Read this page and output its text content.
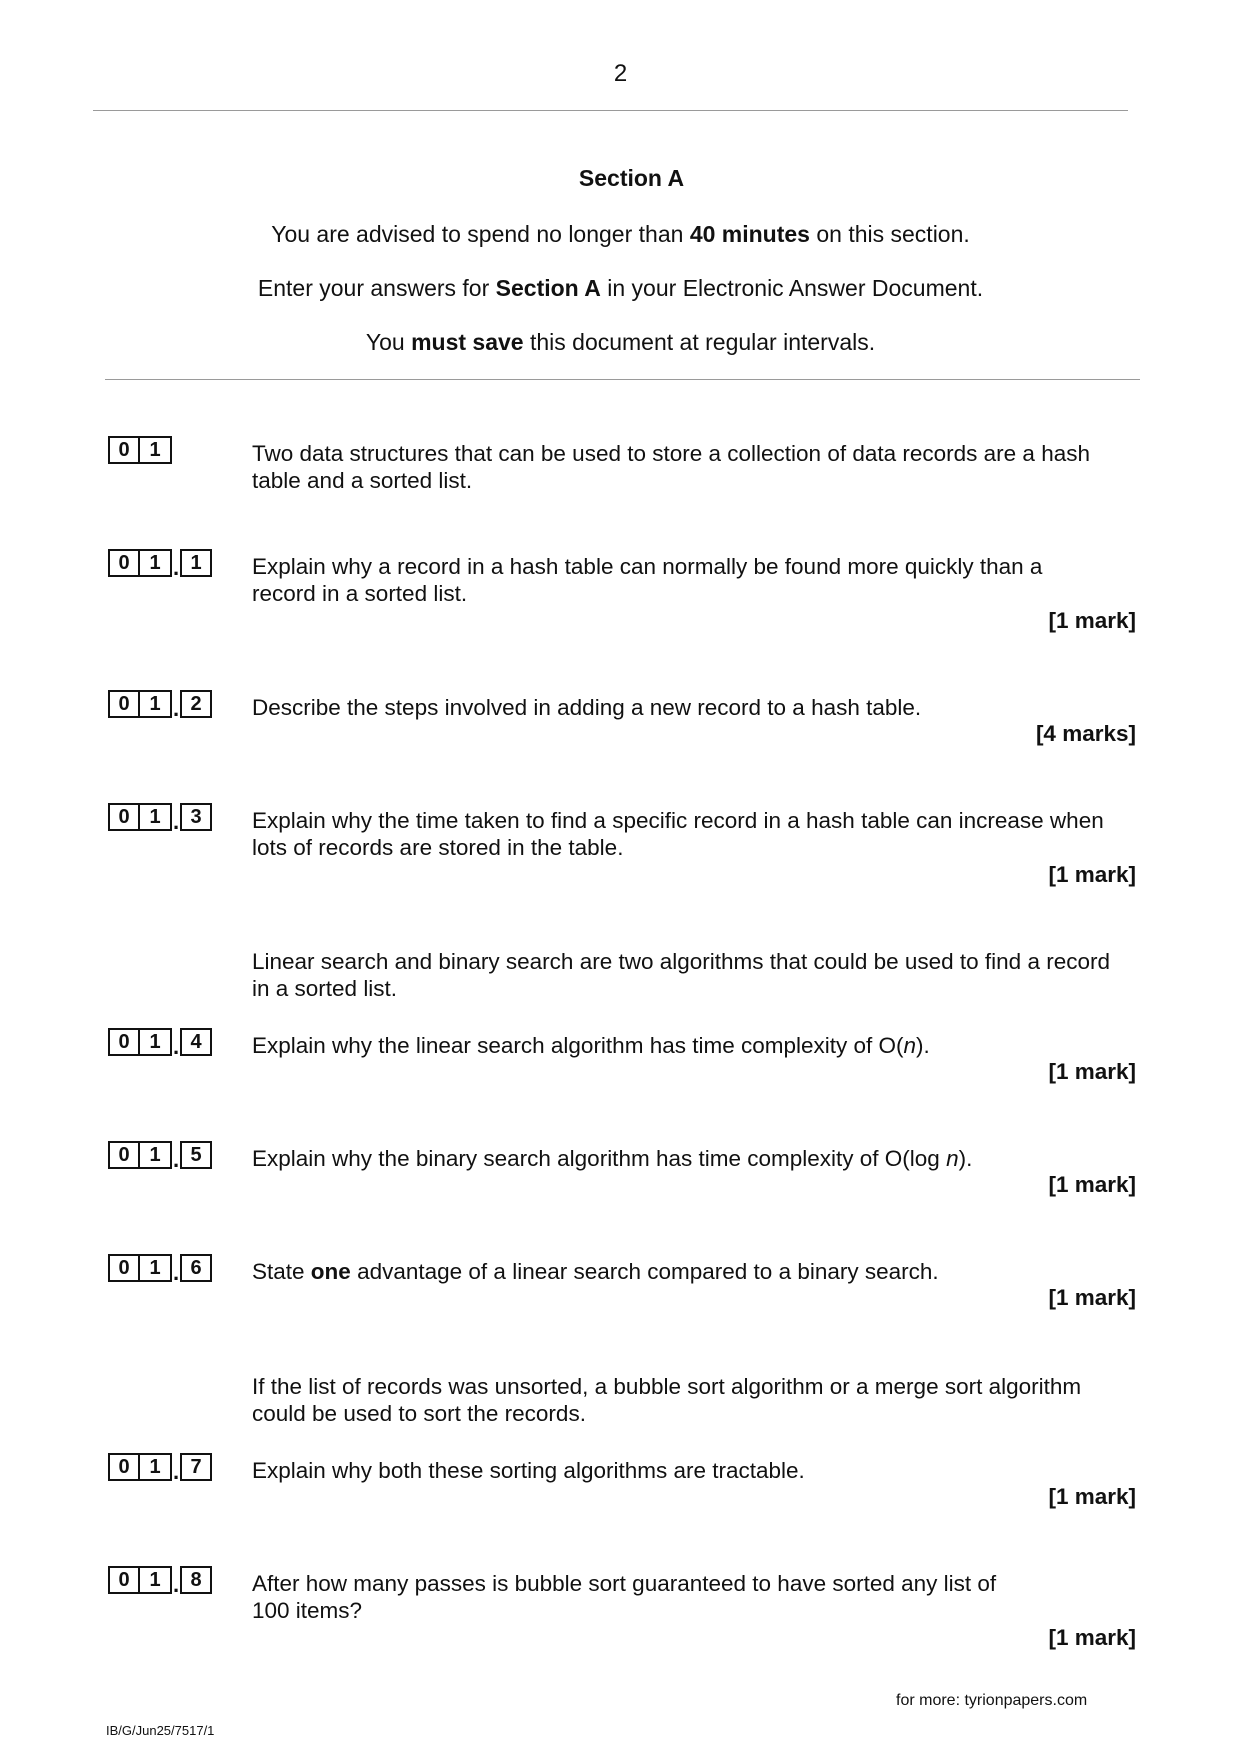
2
Section A
You are advised to spend no longer than 40 minutes on this section.
Enter your answers for Section A in your Electronic Answer Document.
You must save this document at regular intervals.
0 1	Two data structures that can be used to store a collection of data records are a hash table and a sorted list.
0 1 . 1	Explain why a record in a hash table can normally be found more quickly than a record in a sorted list.
[1 mark]
0 1 . 2	Describe the steps involved in adding a new record to a hash table.
[4 marks]
0 1 . 3	Explain why the time taken to find a specific record in a hash table can increase when lots of records are stored in the table.
[1 mark]
Linear search and binary search are two algorithms that could be used to find a record in a sorted list.
0 1 . 4	Explain why the linear search algorithm has time complexity of O(n).
[1 mark]
0 1 . 5	Explain why the binary search algorithm has time complexity of O(log n).
[1 mark]
0 1 . 6	State one advantage of a linear search compared to a binary search.
[1 mark]
If the list of records was unsorted, a bubble sort algorithm or a merge sort algorithm could be used to sort the records.
0 1 . 7	Explain why both these sorting algorithms are tractable.
[1 mark]
0 1 . 8	After how many passes is bubble sort guaranteed to have sorted any list of 100 items?
[1 mark]
for more: tyrionpapers.com
IB/G/Jun25/7517/1
